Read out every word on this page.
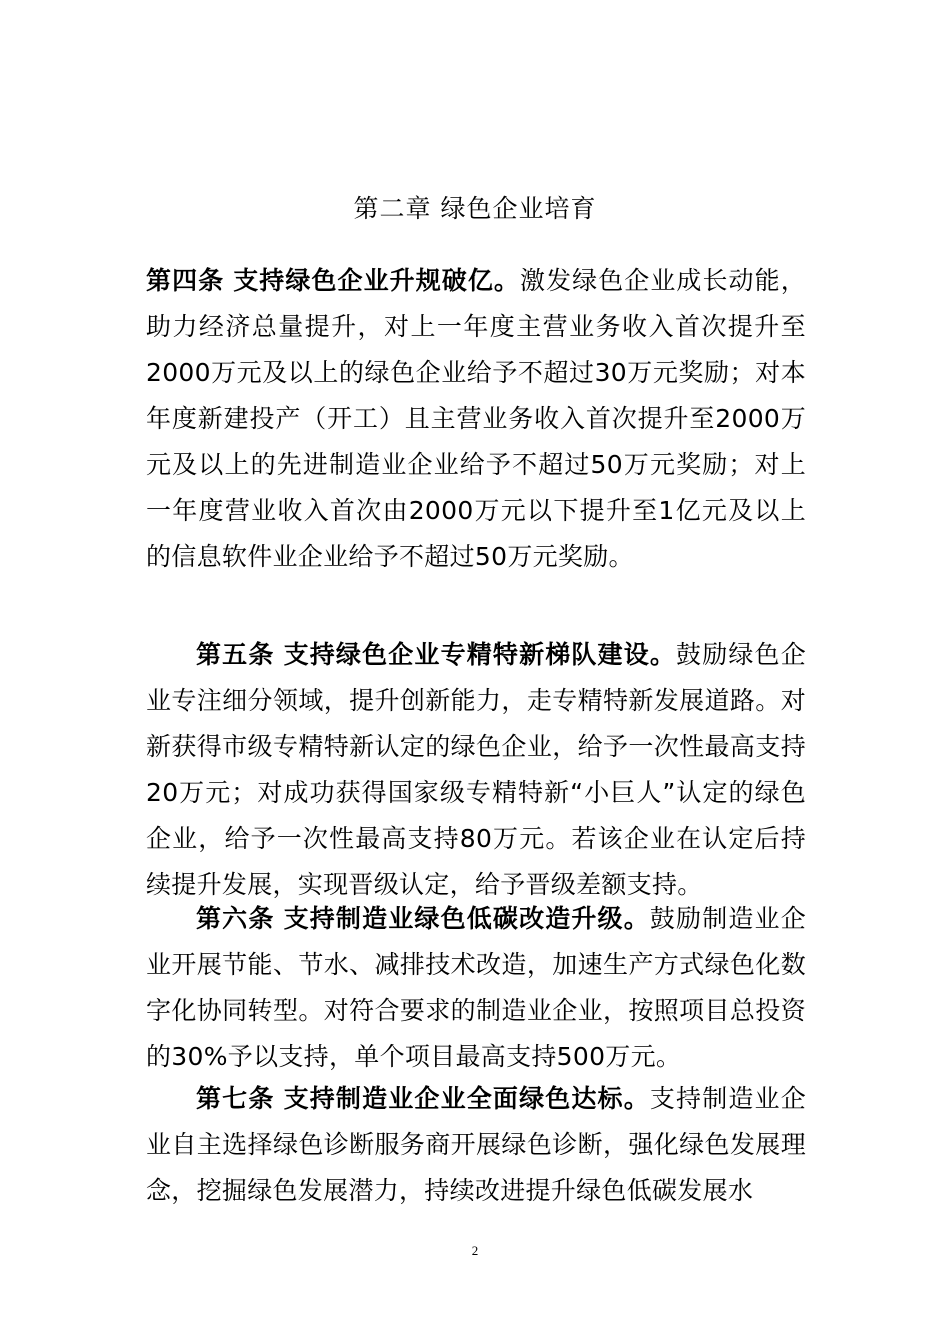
第二章 绿色企业培育

第四条 支持绿色企业升规破亿。激发绿色企业成长动能，助力经济总量提升，对上一年度主营业务收入首次提升至2000万元及以上的绿色企业给予不超过30万元奖励；对本年度新建投产（开工）且主营业务收入首次提升至2000万元及以上的先进制造业企业给予不超过50万元奖励；对上一年度营业收入首次由2000万元以下提升至1亿元及以上的信息软件业企业给予不超过50万元奖励。

第五条 支持绿色企业专精特新梯队建设。鼓励绿色企业专注细分领域，提升创新能力，走专精特新发展道路。对新获得市级专精特新认定的绿色企业，给予一次性最高支持20万元；对成功获得国家级专精特新“小巨人”认定的绿色企业，给予一次性最高支持80万元。若该企业在认定后持续提升发展，实现晋级认定，给予晋级差额支持。

第六条 支持制造业绿色低碳改造升级。鼓励制造业企业开展节能、节水、减排技术改造，加速生产方式绿色化数字化协同转型。对符合要求的制造业企业，按照项目总投资的30%予以支持，单个项目最高支持500万元。

第七条 支持制造业企业全面绿色达标。支持制造业企业自主选择绿色诊断服务商开展绿色诊断，强化绿色发展理念，挖掘绿色发展潜力，持续改进提升绿色低碳发展水

2
